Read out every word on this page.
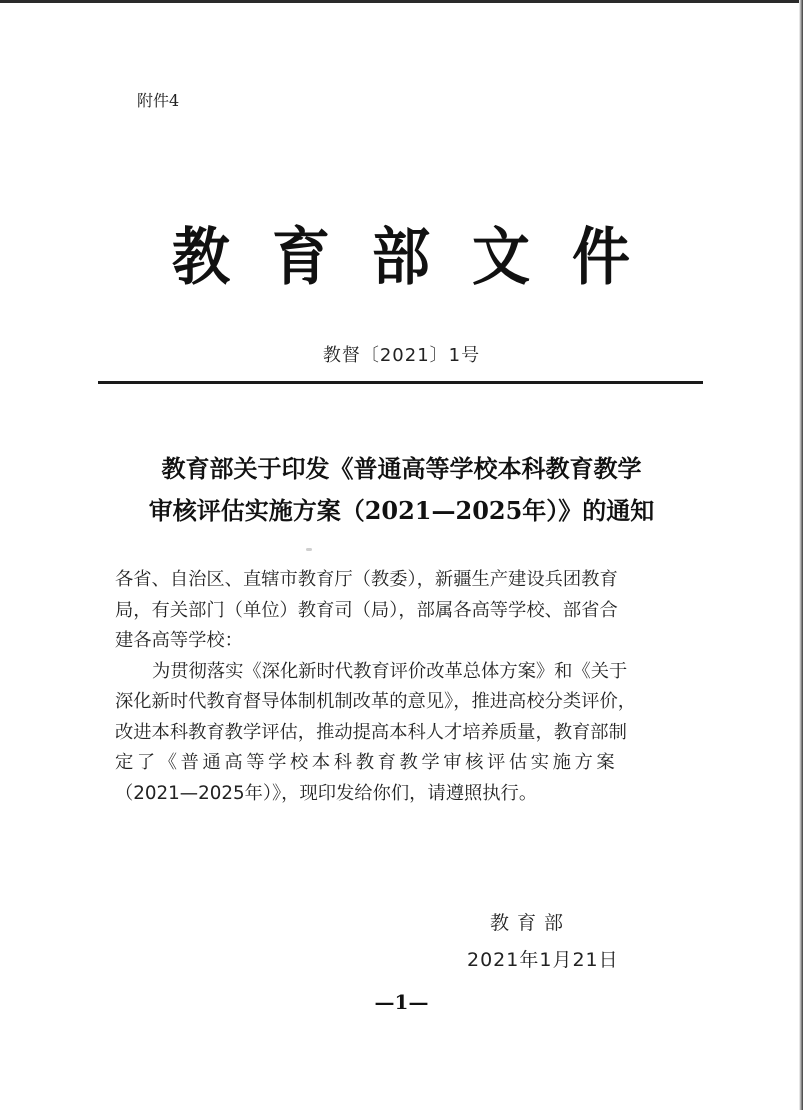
附件4
教 育 部 文 件
教督〔2021〕1号
教育部关于印发《普通高等学校本科教育教学
审核评估实施方案（2021—2025年）》的通知

各省、自治区、直辖市教育厅（教委），新疆生产建设兵团教育

局，有关部门（单位）教育司（局），部属各高等学校、部省合

建各高等学校：

为贯彻落实《深化新时代教育评价改革总体方案》和《关于

深化新时代教育督导体制机制改革的意见》，推进高校分类评价，

改进本科教育教学评估，推动提高本科人才培养质量，教育部制

定了《普通高等学校本科教育教学审核评估实施方案

（2021—2025年）》，现印发给你们，请遵照执行。

教育部
2021年1月21日
—1—
